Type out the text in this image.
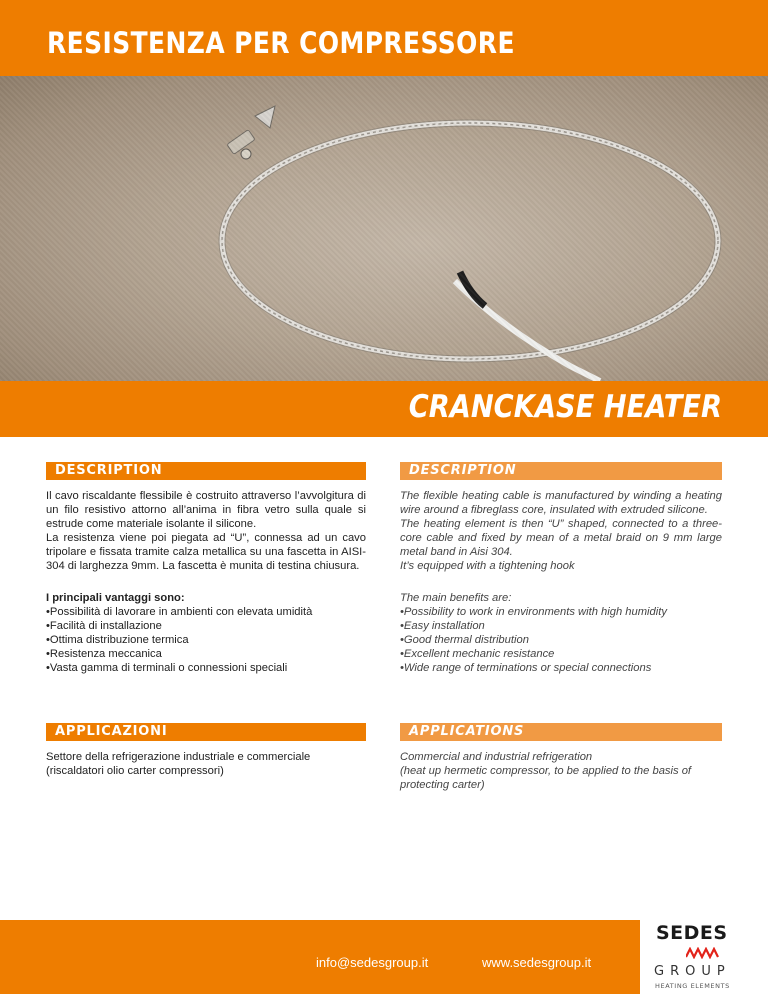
RESISTENZA PER COMPRESSORE
CRANCKASE HEATER
DESCRIPTION	DESCRIPTION

Il cavo riscaldante flessibile è costruito attraverso l’avvolgitura di un filo resistivo attorno all’anima in fibra vetro sulla quale si estrude come materiale isolante il silicone.

La resistenza viene poi piegata ad “U”, connessa ad un cavo tripolare e fissata tramite calza metallica su una fascetta in AISI-304 di larghezza 9mm. La fascetta è munita di testina chiusura.

The flexible heating cable is manufactured by winding a heating wire around a fibreglass core, insulated with extruded silicone.

The heating element is then “U” shaped, connected to a three-core cable and fixed by mean of a metal braid on 9 mm large metal band in Aisi 304.

It’s equipped with a tightening hook

I principali vantaggi sono:

• Possibilità di lavorare in ambienti con elevata umidità
• Facilità di installazione
• Ottima distribuzione termica
• Resistenza meccanica
• Vasta gamma di terminali o connessioni speciali

The main benefits are:

• Possibility to work in environments with high humidity
• Easy installation
• Good thermal distribution
• Excellent mechanic resistance
• Wide range of terminations or special connections
APPLICAZIONI	APPLICATIONS

Settore della refrigerazione industriale e commerciale

(riscaldatori olio carter compressori)

Commercial and industrial refrigeration

(heat up hermetic compressor, to be applied to the basis of protecting carter)

info@sedesgroup.it	www.sedesgroup.it
SEDES
GROUP
HEATING ELEMENTS
